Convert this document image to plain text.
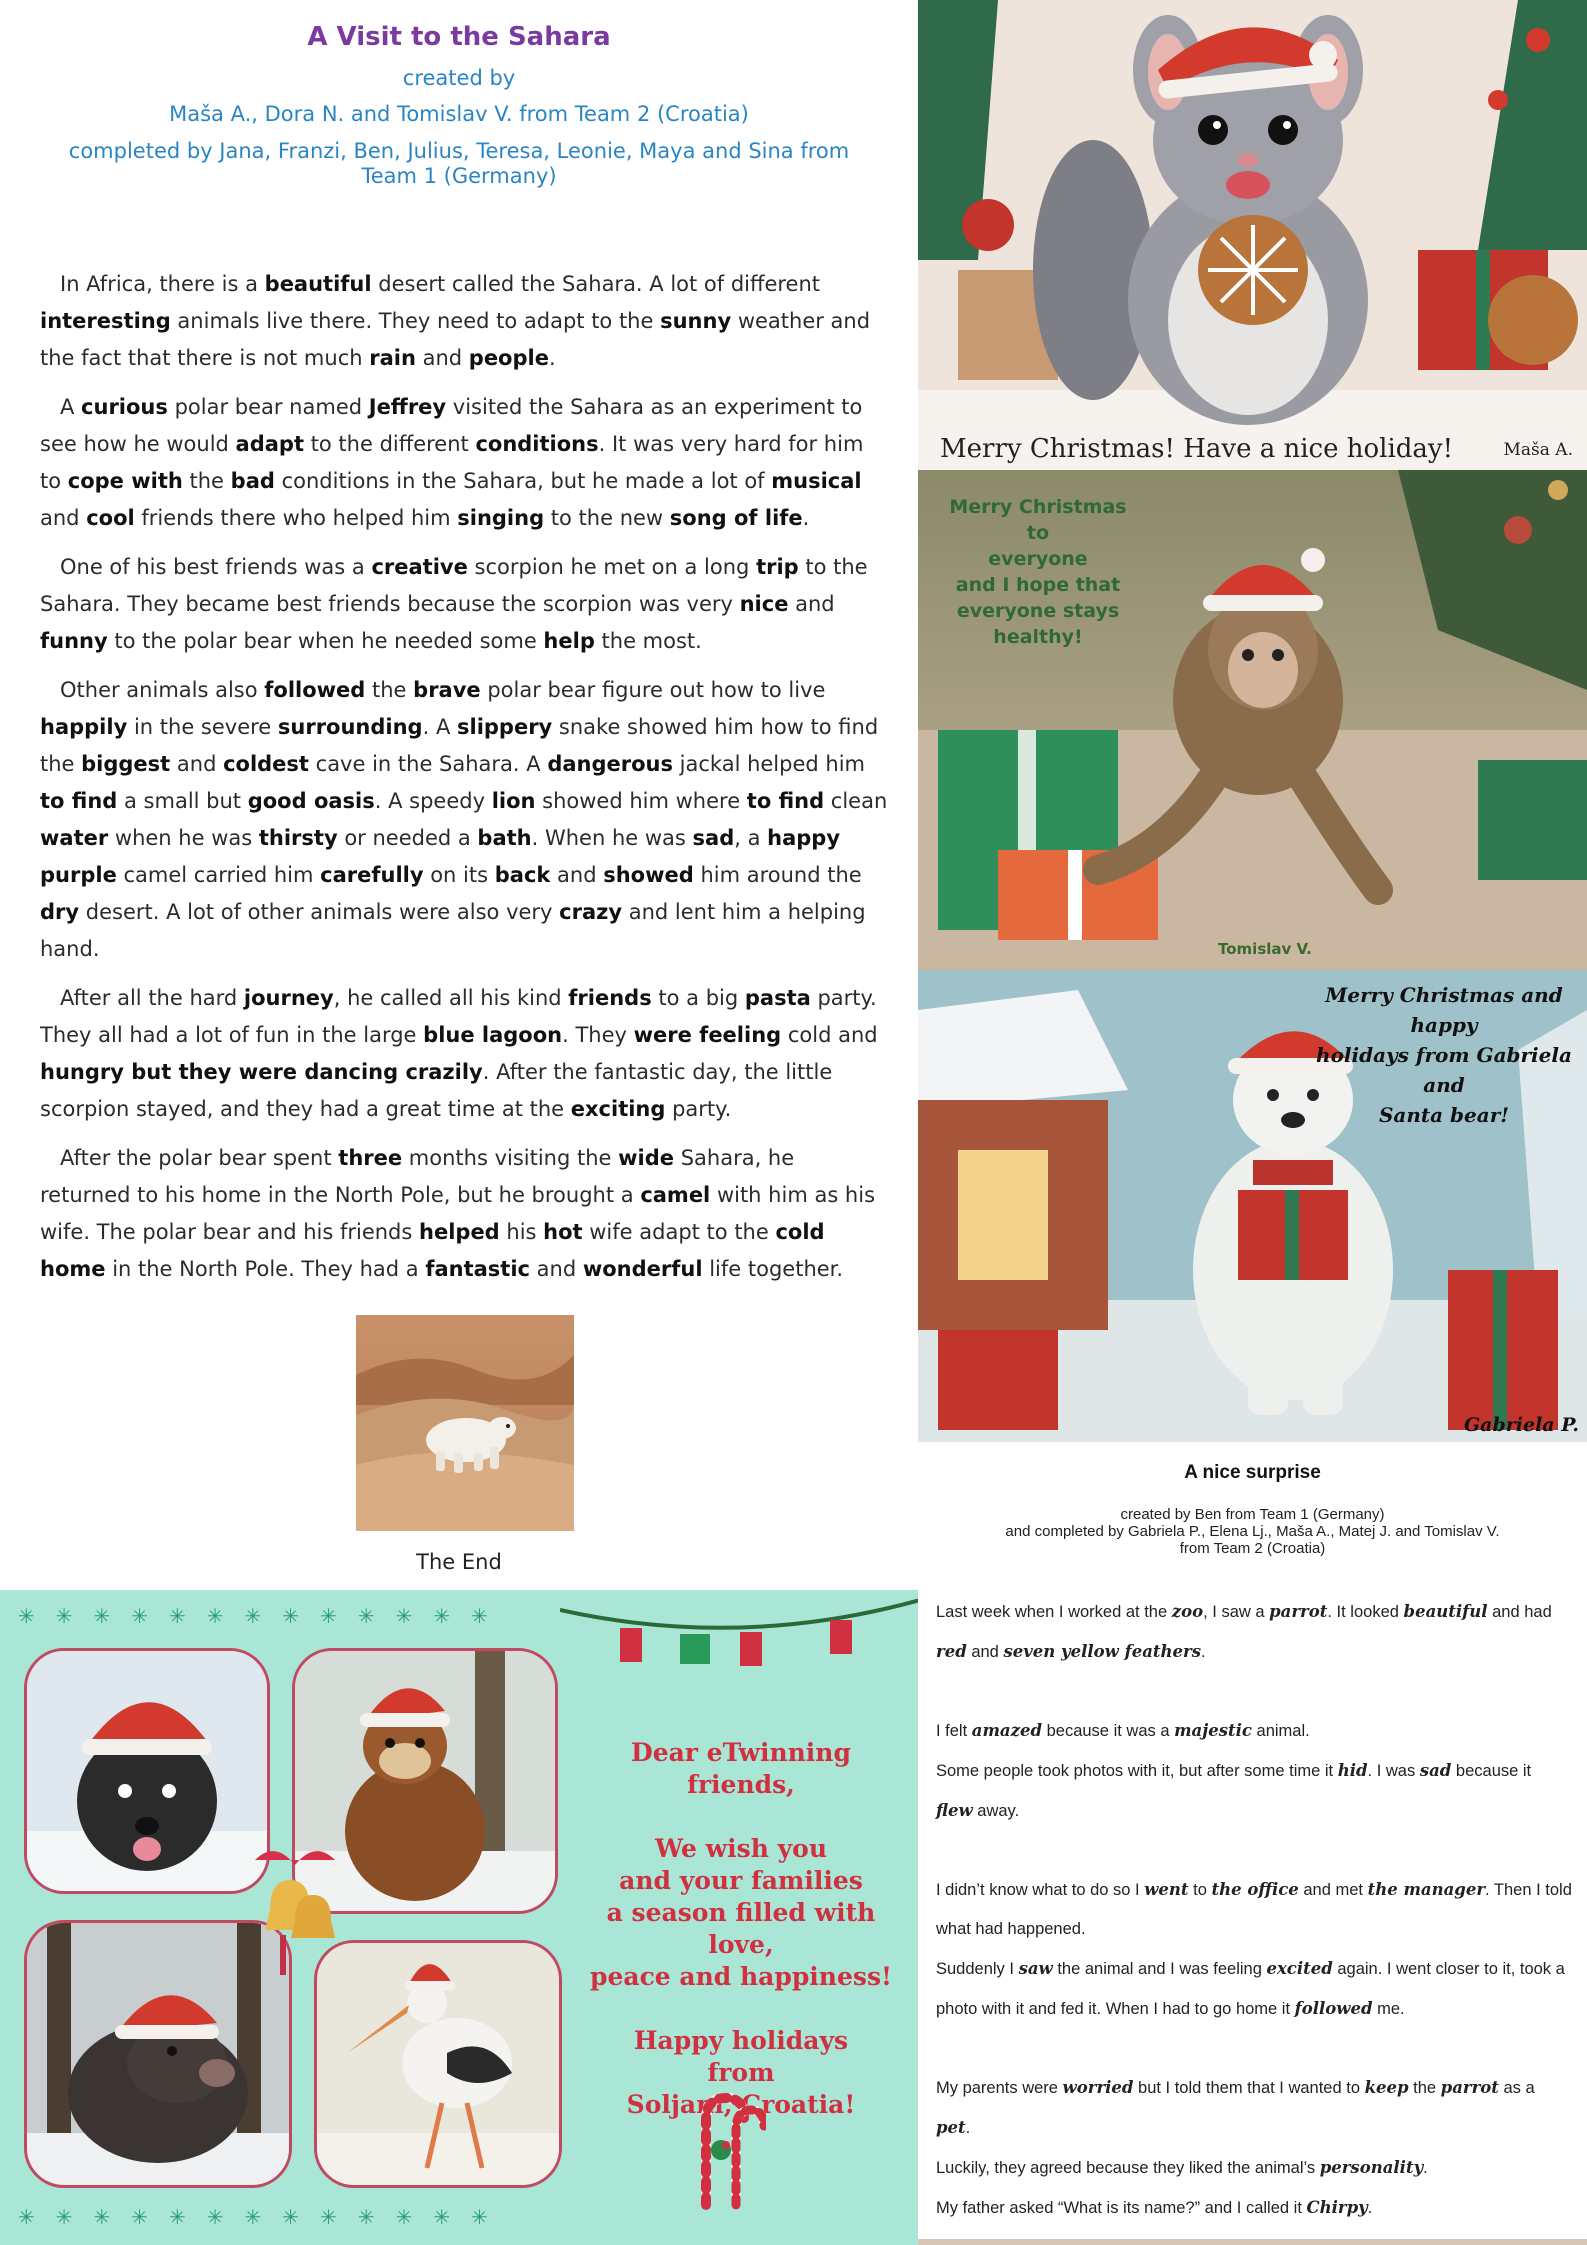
A Visit to the Sahara
created by
Maša A., Dora N. and Tomislav V. from Team 2 (Croatia)
completed by Jana, Franzi, Ben, Julius, Teresa, Leonie, Maya and Sina from Team 1 (Germany)

In Africa, there is a beautiful desert called the Sahara. A lot of different interesting animals live there. They need to adapt to the sunny weather and the fact that there is not much rain and people.

A curious polar bear named Jeffrey visited the Sahara as an experiment to see how he would adapt to the different conditions. It was very hard for him to cope with the bad conditions in the Sahara, but he made a lot of musical and cool friends there who helped him singing to the new song of life.

One of his best friends was a creative scorpion he met on a long trip to the Sahara. They became best friends because the scorpion was very nice and funny to the polar bear when he needed some help the most.

Other animals also followed the brave polar bear figure out how to live happily in the severe surrounding. A slippery snake showed him how to find the biggest and coldest cave in the Sahara. A dangerous jackal helped him to find a small but good oasis. A speedy lion showed him where to find clean water when he was thirsty or needed a bath. When he was sad, a happy purple camel carried him carefully on its back and showed him around the dry desert. A lot of other animals were also very crazy and lent him a helping hand.

After all the hard journey, he called all his kind friends to a big pasta party. They all had a lot of fun in the large blue lagoon. They were feeling cold and hungry but they were dancing crazily. After the fantastic day, the little scorpion stayed, and they had a great time at the exciting party.

After the polar bear spent three months visiting the wide Sahara, he returned to his home in the North Pole, but he brought a camel with him as his wife. The polar bear and his friends helped his hot wife adapt to the cold home in the North Pole. They had a fantastic and wonderful life together.

The End
Merry Christmas! Have a nice holiday!	Maša A.
Merry Christmas to
everyone
and I hope that
everyone stays
healthy!
Tomislav V.
Merry Christmas and happy
holidays from Gabriela and
Santa bear!
Gabriela P.
A nice surprise
created by Ben from Team 1 (Germany)
and completed by Gabriela P., Elena Lj., Maša A., Matej J. and Tomislav V.
from Team 2 (Croatia)

Last week when I worked at the zoo, I saw a parrot. It looked beautiful and had red and seven yellow feathers.

I felt amazed because it was a majestic animal.

Some people took photos with it, but after some time it hid. I was sad because it flew away.

I didn’t know what to do so I went to the office and met the manager. Then I told what had happened.

Suddenly I saw the animal and I was feeling excited again. I went closer to it, took a photo with it and fed it. When I had to go home it followed me.

My parents were worried but I told them that I wanted to keep the parrot as a pet.

Luckily, they agreed because they liked the animal’s personality.

My father asked “What is its name?” and I called it Chirpy.

✳✳✳✳✳✳✳✳✳✳✳✳✳
✳✳✳✳✳✳✳✳✳✳✳✳✳
Dear eTwinning friends,

We wish you
and your families
a season filled with love,
peace and happiness!

Happy holidays
from
Soljani, Croatia!
